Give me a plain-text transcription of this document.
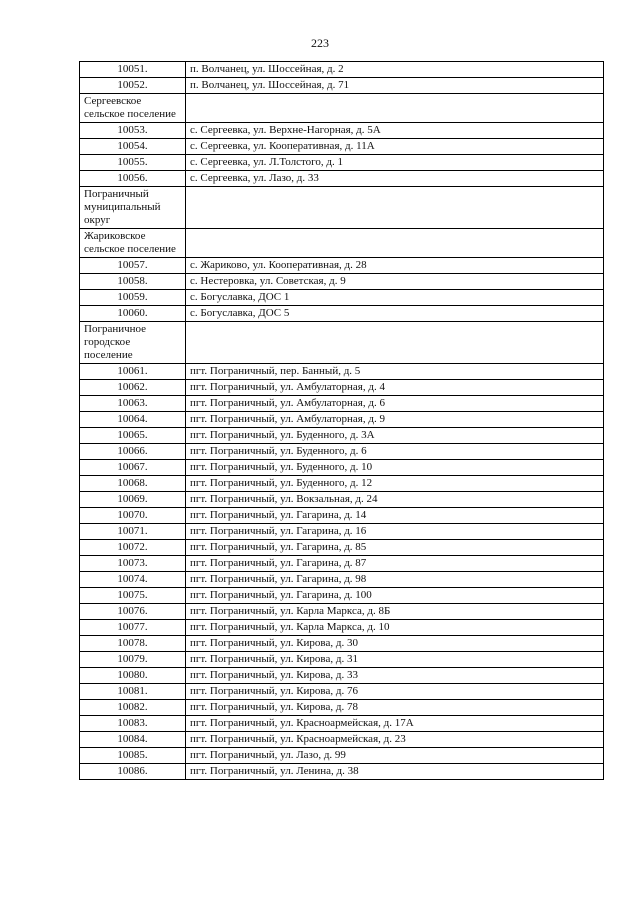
223
10051.	п. Волчанец, ул. Шоссейная, д. 2
10052.	п. Волчанец, ул. Шоссейная, д. 71
Сергеевское сельское поселение	
10053.	с. Сергеевка, ул. Верхне-Нагорная, д. 5А
10054.	с. Сергеевка, ул. Кооперативная, д. 11А
10055.	с. Сергеевка, ул. Л.Толстого, д. 1
10056.	с. Сергеевка, ул. Лазо, д. 33
Пограничный муниципальный округ	
Жариковское сельское поселение	
10057.	с. Жариково, ул. Кооперативная, д. 28
10058.	с. Нестеровка, ул. Советская, д. 9
10059.	с. Богуславка, ДОС 1
10060.	с. Богуславка, ДОС 5
Пограничное городское поселение	
10061.	пгт. Пограничный, пер. Банный, д. 5
10062.	пгт. Пограничный, ул. Амбулаторная, д. 4
10063.	пгт. Пограничный, ул. Амбулаторная, д. 6
10064.	пгт. Пограничный, ул. Амбулаторная, д. 9
10065.	пгт. Пограничный, ул. Буденного, д. 3А
10066.	пгт. Пограничный, ул. Буденного, д. 6
10067.	пгт. Пограничный, ул. Буденного, д. 10
10068.	пгт. Пограничный, ул. Буденного, д. 12
10069.	пгт. Пограничный, ул. Вокзальная, д. 24
10070.	пгт. Пограничный, ул. Гагарина, д. 14
10071.	пгт. Пограничный, ул. Гагарина, д. 16
10072.	пгт. Пограничный, ул. Гагарина, д. 85
10073.	пгт. Пограничный, ул. Гагарина, д. 87
10074.	пгт. Пограничный, ул. Гагарина, д. 98
10075.	пгт. Пограничный, ул. Гагарина, д. 100
10076.	пгт. Пограничный, ул. Карла Маркса, д. 8Б
10077.	пгт. Пограничный, ул. Карла Маркса, д. 10
10078.	пгт. Пограничный, ул. Кирова, д. 30
10079.	пгт. Пограничный, ул. Кирова, д. 31
10080.	пгт. Пограничный, ул. Кирова, д. 33
10081.	пгт. Пограничный, ул. Кирова, д. 76
10082.	пгт. Пограничный, ул. Кирова, д. 78
10083.	пгт. Пограничный, ул. Красноармейская, д. 17А
10084.	пгт. Пограничный, ул. Красноармейская, д. 23
10085.	пгт. Пограничный, ул. Лазо, д. 99
10086.	пгт. Пограничный, ул. Ленина, д. 38
